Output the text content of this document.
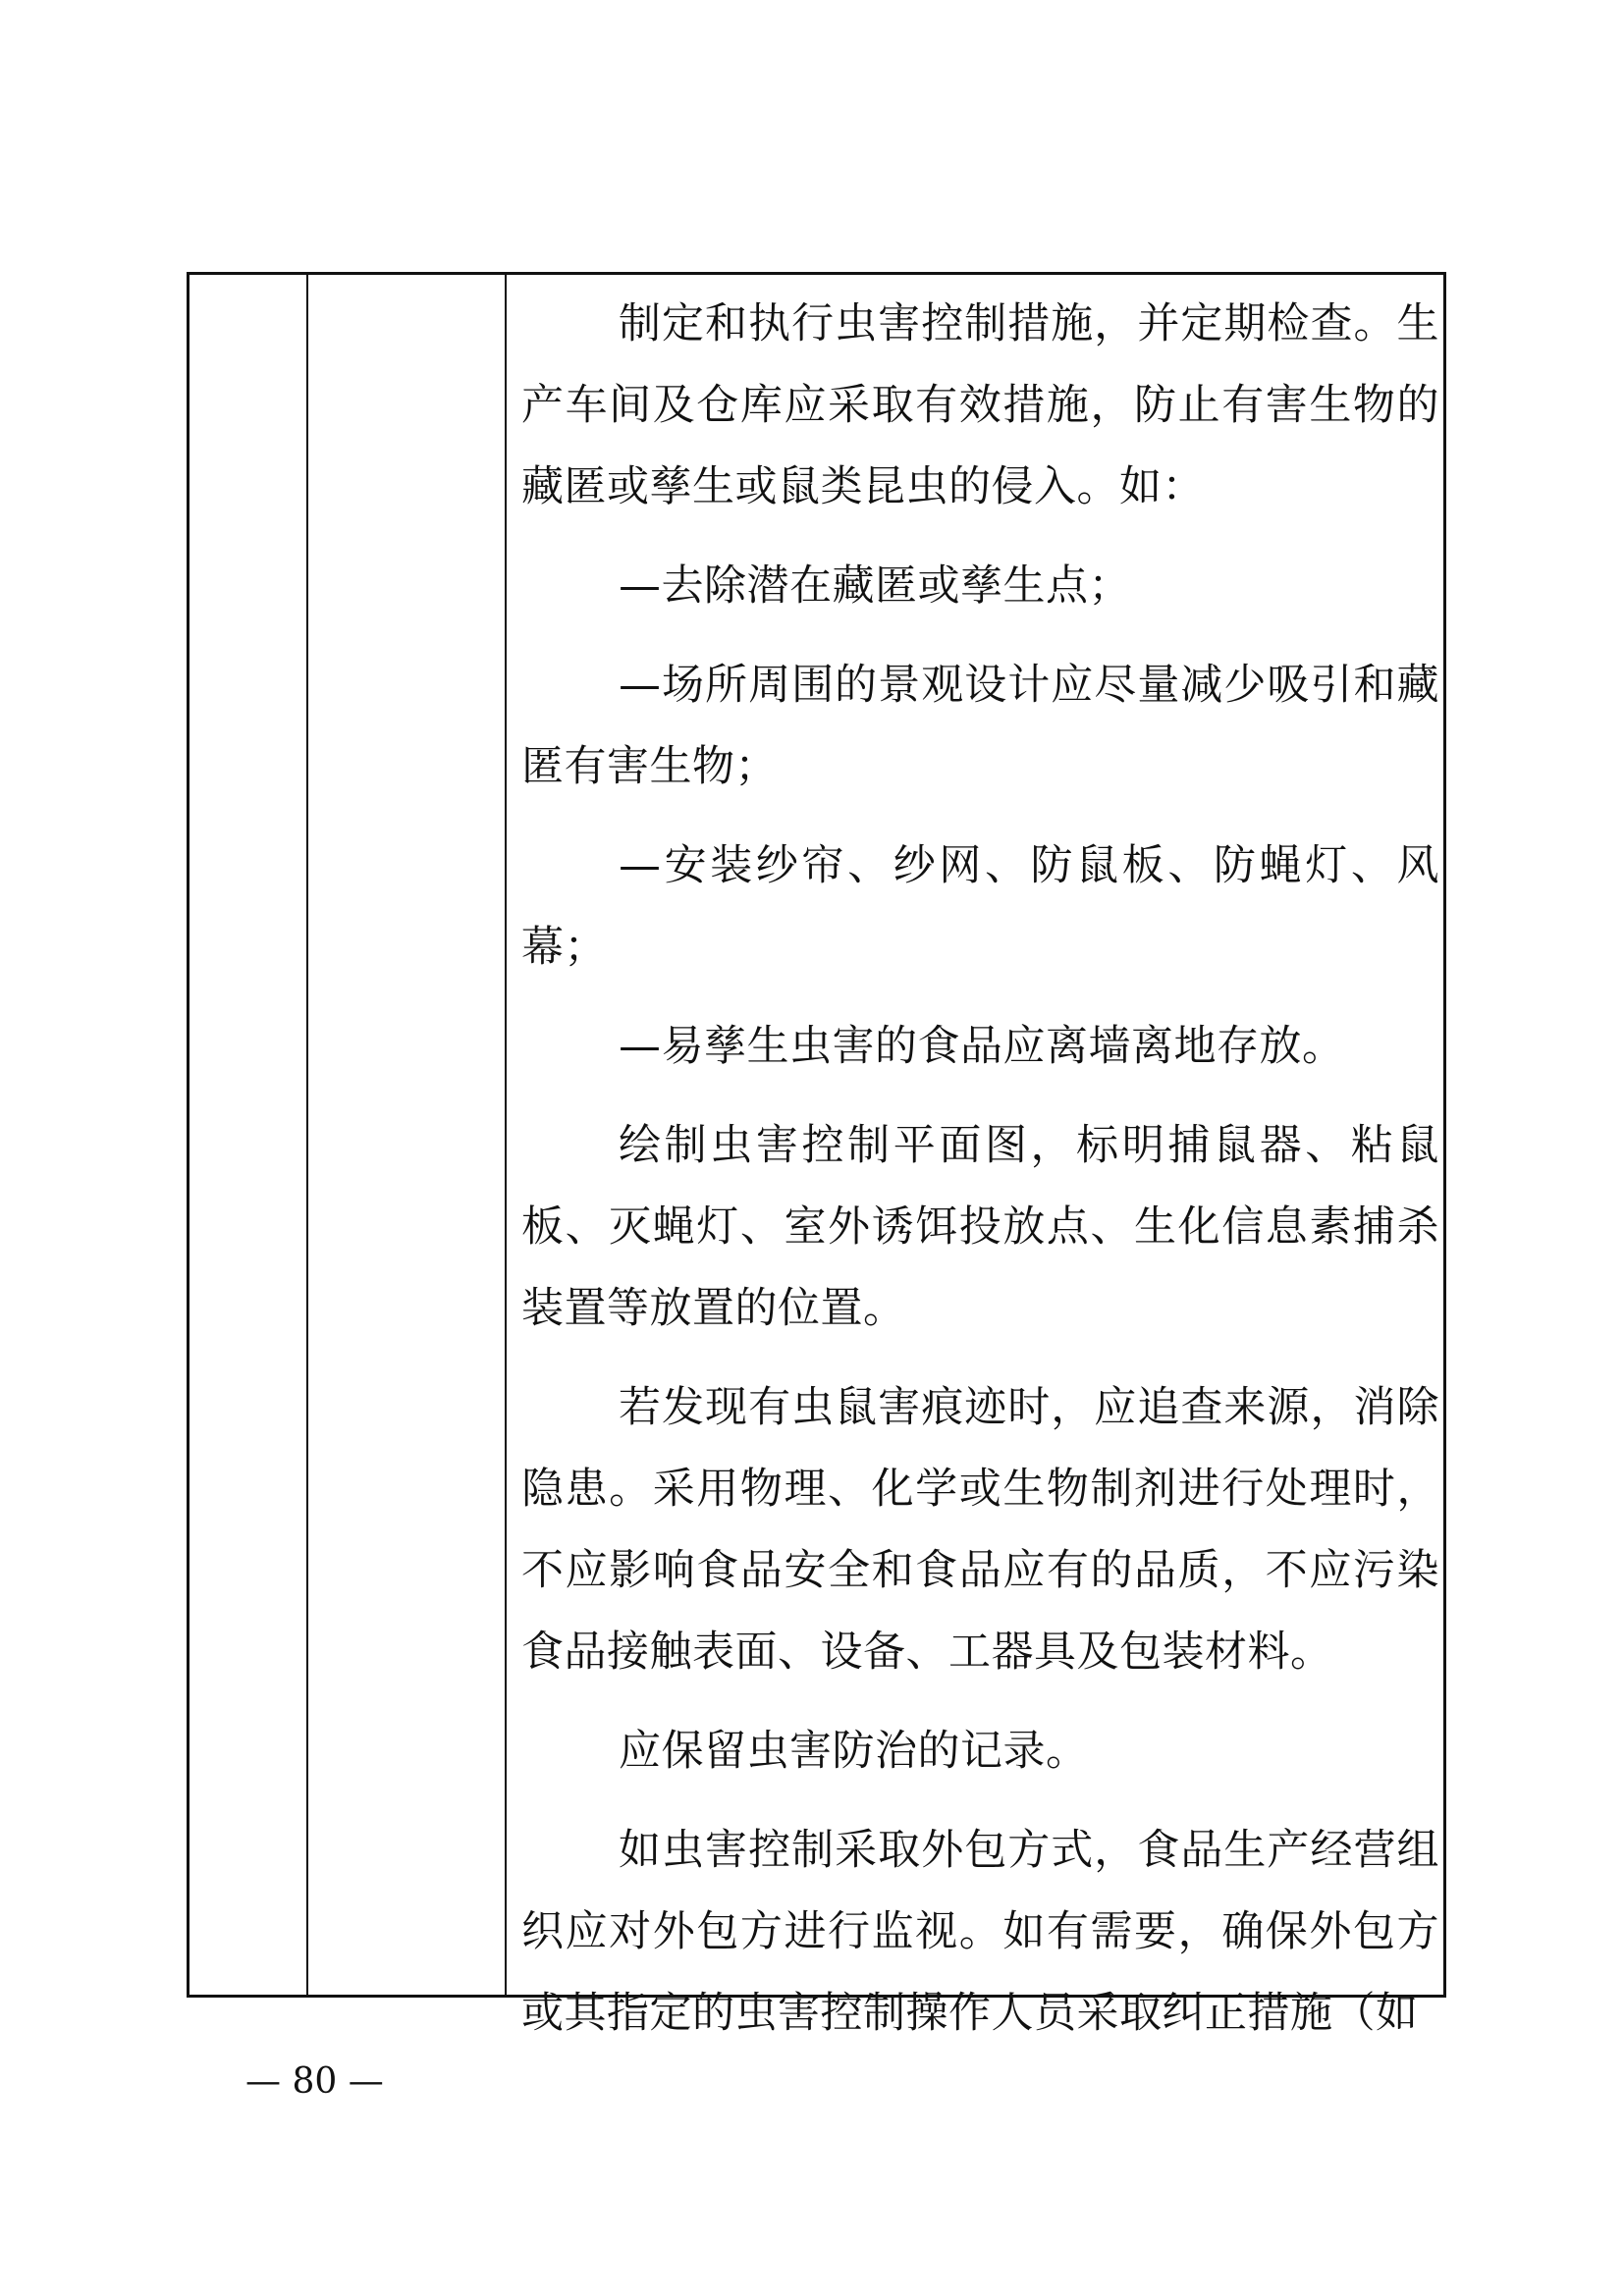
制定和执行虫害控制措施，并定期检查。生产车间及仓库应采取有效措施，防止有害生物的藏匿或孳生或鼠类昆虫的侵入。如：

—去除潜在藏匿或孳生点；

—场所周围的景观设计应尽量减少吸引和藏匿有害生物；

—安装纱帘、纱网、防鼠板、防蝇灯、风幕；

—易孳生虫害的食品应离墙离地存放。

绘制虫害控制平面图，标明捕鼠器、粘鼠板、灭蝇灯、室外诱饵投放点、生化信息素捕杀装置等放置的位置。

若发现有虫鼠害痕迹时，应追查来源，消除隐患。采用物理、化学或生物制剂进行处理时，不应影响食品安全和食品应有的品质，不应污染食品接触表面、设备、工器具及包装材料。

应保留虫害防治的记录。

如虫害控制采取外包方式，食品生产经营组织应对外包方进行监视。如有需要，确保外包方或其指定的虫害控制操作人员采取纠正措施（如

— 80 —
